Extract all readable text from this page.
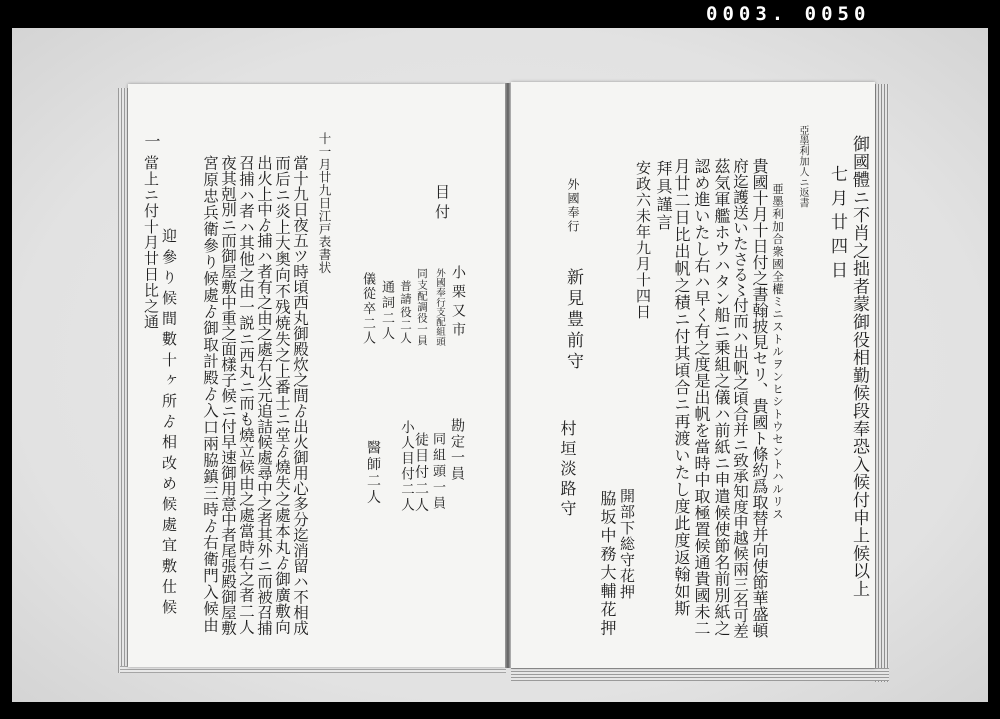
0003. 0050
御國體ニ不肖之拙者蒙御役相勤候段奉恐入候付申上候以上
七月廿四日
亞墨利加人ニ返書
亜墨利加合衆國全權ミニストルヲンヒシトウセントハルリス
貴國十月十日付之書翰披見セリ、貴國ト條約爲取替并向使節華盛頓
府迄護送いたさる〻付而ハ出帆之頃合并ニ致承知度申越候兩三名可差
茲気軍艦ホウハタン船ニ乗組之儀ハ前紙ニ申遣候使節名前別紙之
認め進いたし右ハ早く有之度是出帆を當時中取極置候通貴國未二
月廿二日比出帆之積ニ付其頃合ニ再渡いたし度此度返翰如斯
拜具謹言
安政六未年九月十四日
外國奉行
新見豊前守
村垣淡路守
開部下総守花押
脇坂中務大輔花押
目付
小栗又市
外國奉行支配組頭
同支配調役一員
普請役二人
通詞二人
儀從卒二人
勘定一員
同組頭一員
徒目付二人
小人目付二人
醫師二人
十一月廿九日江戸表書状
當十九日夜五ツ時頃西丸御殿炊之間ゟ出火御用心多分迄消留ハ不相成
而后ニ炎上大奥向不残焼失之上番士ニ堂ゟ燒失之處本丸ゟ御廣敷向
出火上中ゟ捕ハ者有之由之處右火元追詰候處尋中之者其外ニ而被召捕
召捕ハ者ハ其他之由一説ニ西丸ニ而も燒立候由之處當時右之者二人
夜其剋別ニ而御屋敷中重之面樣子候ニ付早速御用意中者尾張殿御屋敷
宮原忠兵衛參り候處ゟ御取計殿ゟ入口兩脇鎮三時ゟ右衛門入候由
迎參り候間數十ヶ所ゟ相改め候處宜敷仕候
一
當上ニ付十月廿日比之通
